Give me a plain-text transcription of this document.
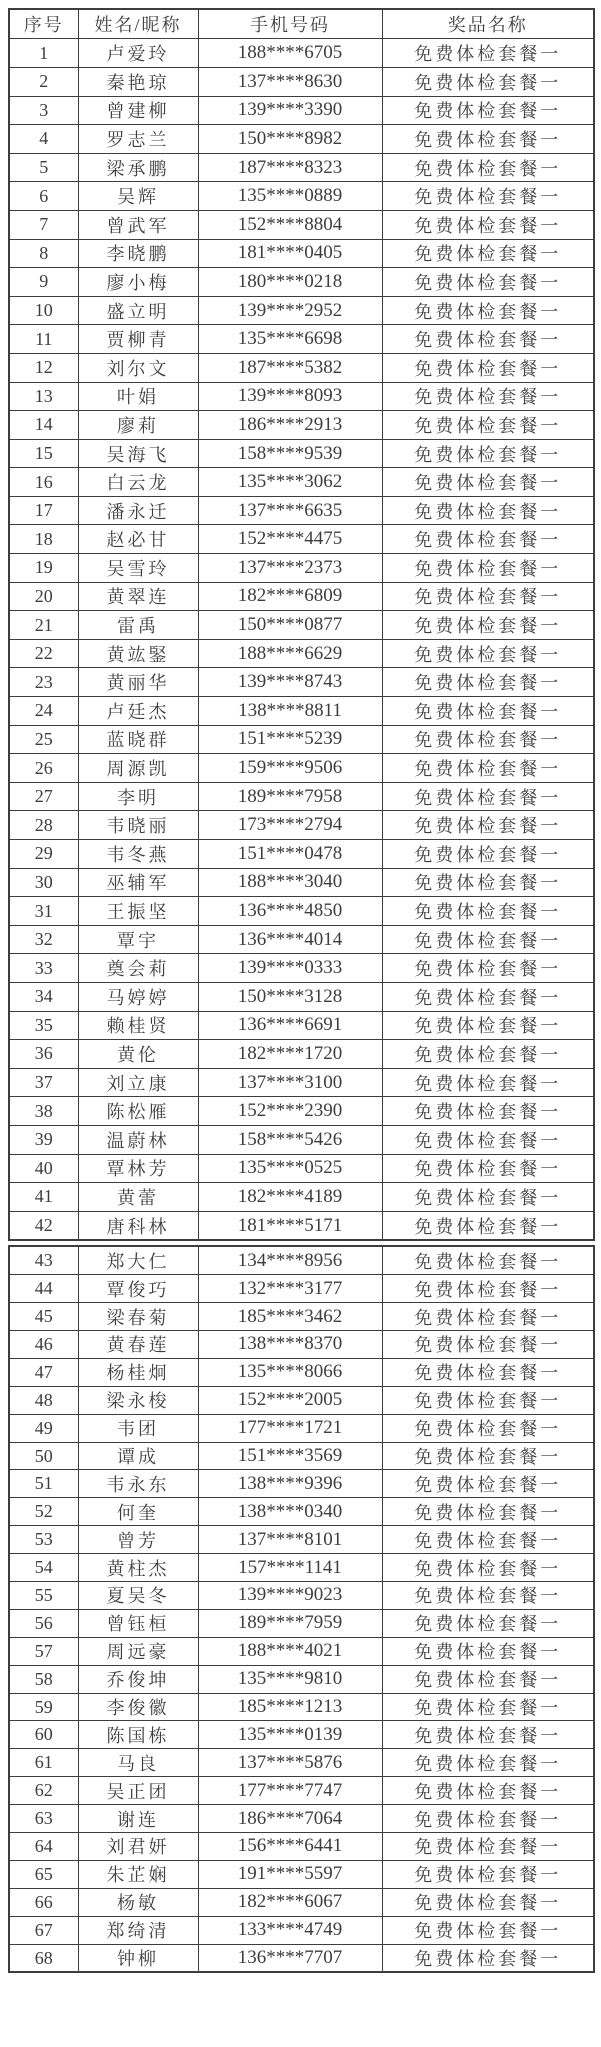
序号	姓名/昵称	手机号码	奖品名称
1	卢爱玲	188****6705	免费体检套餐一
2	秦艳琼	137****8630	免费体检套餐一
3	曾建柳	139****3390	免费体检套餐一
4	罗志兰	150****8982	免费体检套餐一
5	梁承鹏	187****8323	免费体检套餐一
6	吴辉	135****0889	免费体检套餐一
7	曾武军	152****8804	免费体检套餐一
8	李晓鹏	181****0405	免费体检套餐一
9	廖小梅	180****0218	免费体检套餐一
10	盛立明	139****2952	免费体检套餐一
11	贾柳青	135****6698	免费体检套餐一
12	刘尔文	187****5382	免费体检套餐一
13	叶娟	139****8093	免费体检套餐一
14	廖莉	186****2913	免费体检套餐一
15	吴海飞	158****9539	免费体检套餐一
16	白云龙	135****3062	免费体检套餐一
17	潘永迁	137****6635	免费体检套餐一
18	赵必甘	152****4475	免费体检套餐一
19	吴雪玲	137****2373	免费体检套餐一
20	黄翠连	182****6809	免费体检套餐一
21	雷禹	150****0877	免费体检套餐一
22	黄竑鋻	188****6629	免费体检套餐一
23	黄丽华	139****8743	免费体检套餐一
24	卢廷杰	138****8811	免费体检套餐一
25	蓝晓群	151****5239	免费体检套餐一
26	周源凯	159****9506	免费体检套餐一
27	李明	189****7958	免费体检套餐一
28	韦晓丽	173****2794	免费体检套餐一
29	韦冬燕	151****0478	免费体检套餐一
30	巫辅军	188****3040	免费体检套餐一
31	王振坚	136****4850	免费体检套餐一
32	覃宇	136****4014	免费体检套餐一
33	奠会莉	139****0333	免费体检套餐一
34	马婷婷	150****3128	免费体检套餐一
35	赖桂贤	136****6691	免费体检套餐一
36	黄伦	182****1720	免费体检套餐一
37	刘立康	137****3100	免费体检套餐一
38	陈松雁	152****2390	免费体检套餐一
39	温蔚林	158****5426	免费体检套餐一
40	覃林芳	135****0525	免费体检套餐一
41	黄蕾	182****4189	免费体检套餐一
42	唐科林	181****5171	免费体检套餐一
43	郑大仁	134****8956	免费体检套餐一
44	覃俊巧	132****3177	免费体检套餐一
45	梁春菊	185****3462	免费体检套餐一
46	黄春莲	138****8370	免费体检套餐一
47	杨桂炯	135****8066	免费体检套餐一
48	梁永梭	152****2005	免费体检套餐一
49	韦团	177****1721	免费体检套餐一
50	谭成	151****3569	免费体检套餐一
51	韦永东	138****9396	免费体检套餐一
52	何奎	138****0340	免费体检套餐一
53	曾芳	137****8101	免费体检套餐一
54	黄柱杰	157****1141	免费体检套餐一
55	夏吴冬	139****9023	免费体检套餐一
56	曾钰桓	189****7959	免费体检套餐一
57	周远豪	188****4021	免费体检套餐一
58	乔俊坤	135****9810	免费体检套餐一
59	李俊徽	185****1213	免费体检套餐一
60	陈国栋	135****0139	免费体检套餐一
61	马良	137****5876	免费体检套餐一
62	吴正团	177****7747	免费体检套餐一
63	谢连	186****7064	免费体检套餐一
64	刘君妍	156****6441	免费体检套餐一
65	朱芷娴	191****5597	免费体检套餐一
66	杨敏	182****6067	免费体检套餐一
67	郑绮清	133****4749	免费体检套餐一
68	钟柳	136****7707	免费体检套餐一
